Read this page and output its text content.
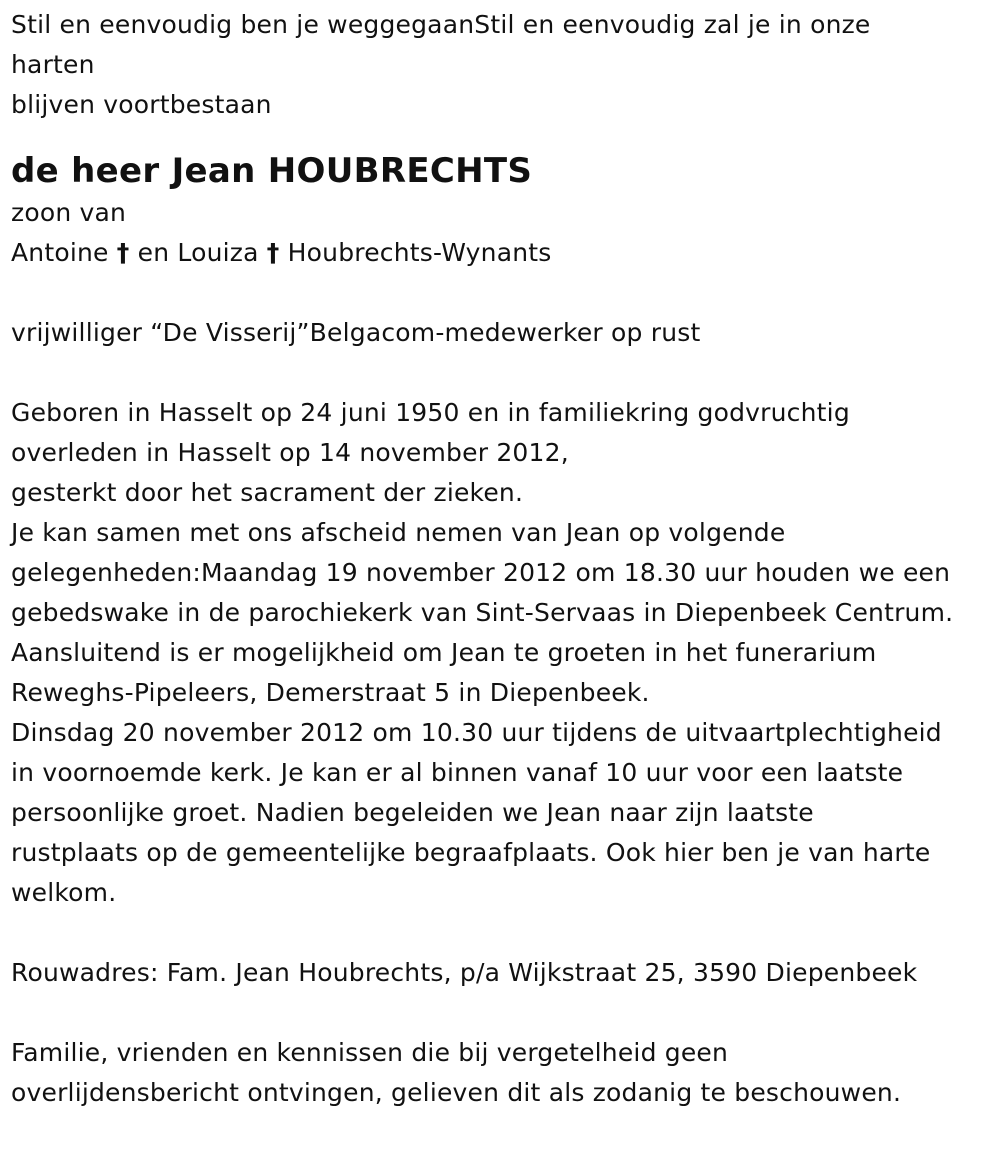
Stil en eenvoudig ben je weggegaanStil en eenvoudig zal je in onze
harten
blijven voortbestaan
de heer Jean HOUBRECHTS
zoon van
Antoine † en Louiza † Houbrechts-Wynants
vrijwilliger “De Visserij”Belgacom-medewerker op rust
Geboren in Hasselt op 24 juni 1950 en in familiekring godvruchtig
overleden in Hasselt op 14 november 2012,
gesterkt door het sacrament der zieken.
Je kan samen met ons afscheid nemen van Jean op volgende
gelegenheden:Maandag 19 november 2012 om 18.30 uur houden we een
gebedswake in de parochiekerk van Sint-Servaas in Diepenbeek Centrum.
Aansluitend is er mogelijkheid om Jean te groeten in het funerarium
Reweghs-Pipeleers, Demerstraat 5 in Diepenbeek.
Dinsdag 20 november 2012 om 10.30 uur tijdens de uitvaartplechtigheid
in voornoemde kerk. Je kan er al binnen vanaf 10 uur voor een laatste
persoonlijke groet. Nadien begeleiden we Jean naar zijn laatste
rustplaats op de gemeentelijke begraafplaats. Ook hier ben je van harte
welkom.
Rouwadres: Fam. Jean Houbrechts, p/a Wijkstraat 25, 3590 Diepenbeek
Familie, vrienden en kennissen die bij vergetelheid geen
overlijdensbericht ontvingen, gelieven dit als zodanig te beschouwen.
